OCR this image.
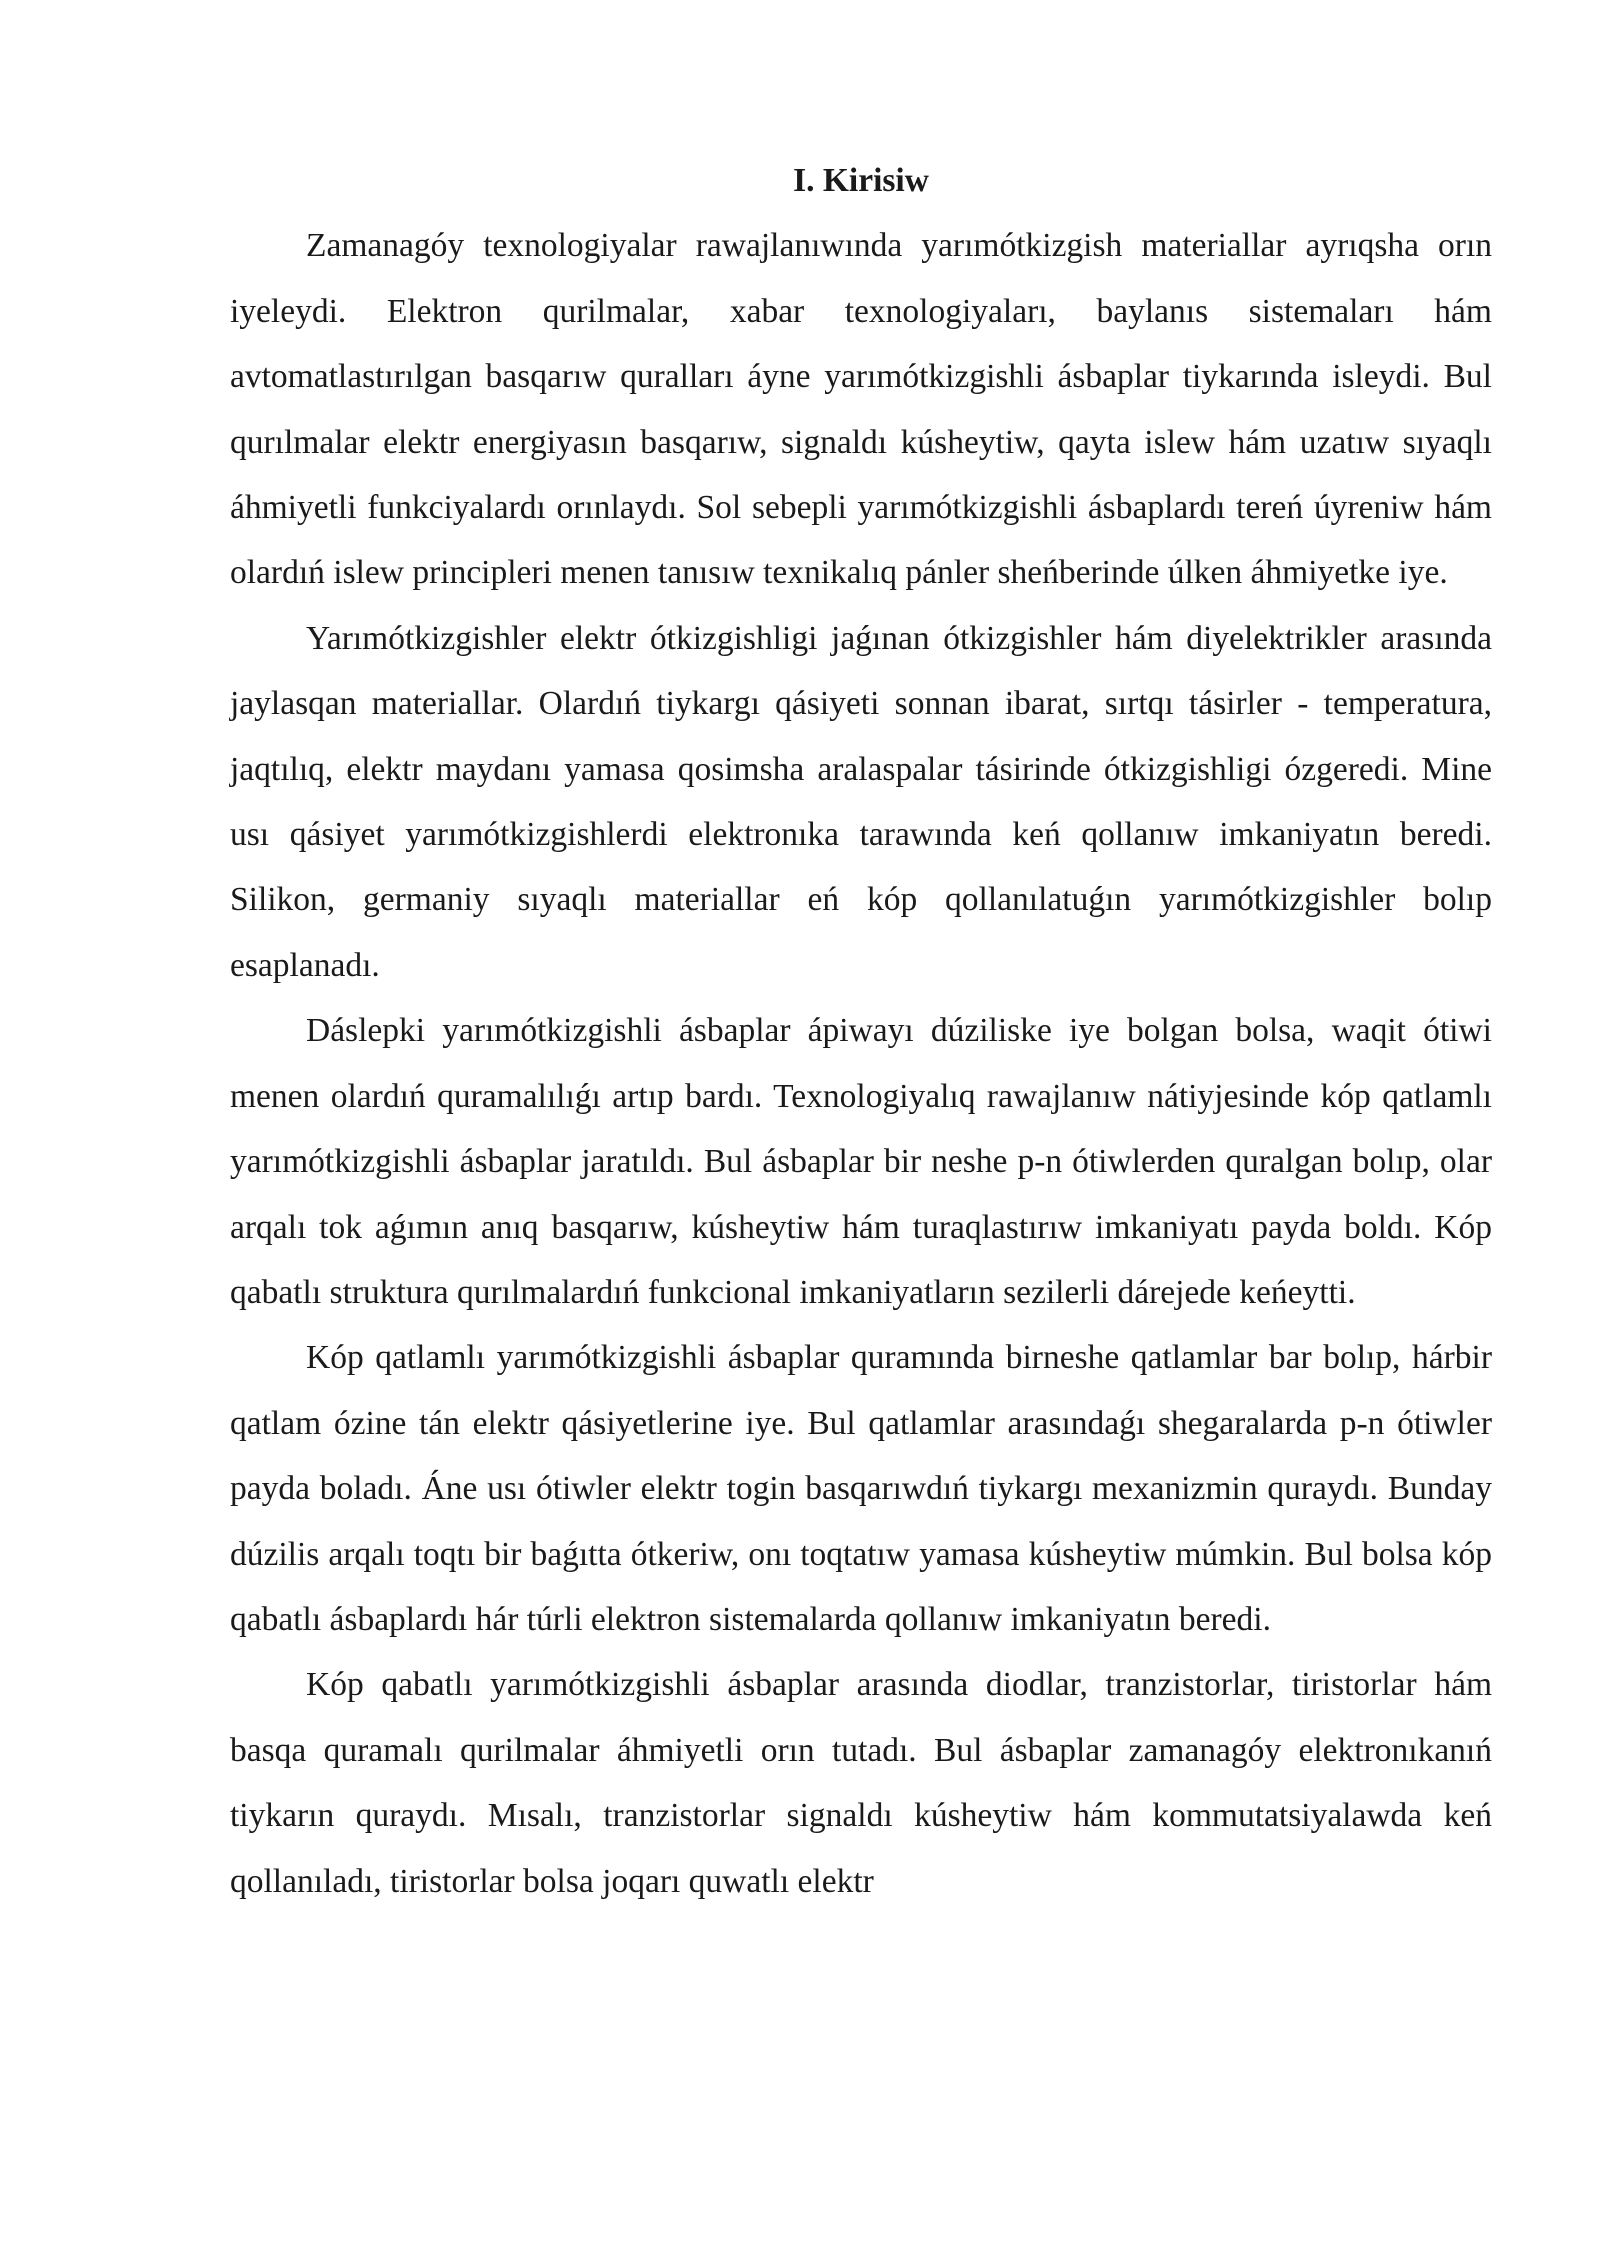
I. Kirisiw

Zamanagóy texnologiyalar rawajlanıwında yarımótkizgish materiallar ayrıqsha orın iyeleydi. Elektron qurilmalar, xabar texnologiyaları, baylanıs sistemaları hám avtomatlastırılgan basqarıw quralları áyne yarımótkizgishli ásbaplar tiykarında isleydi. Bul qurılmalar elektr energiyasın basqarıw, signaldı kúsheytiw, qayta islew hám uzatıw sıyaqlı áhmiyetli funkciyalardı orınlaydı. Sol sebepli yarımótkizgishli ásbaplardı tereń úyreniw hám olardıń islew principleri menen tanısıw texnikalıq pánler sheńberinde úlken áhmiyetke iye.

Yarımótkizgishler elektr ótkizgishligi jaǵınan ótkizgishler hám diyelektrikler arasında jaylasqan materiallar. Olardıń tiykargı qásiyeti sonnan ibarat, sırtqı tásirler - temperatura, jaqtılıq, elektr maydanı yamasa qosimsha aralaspalar tásirinde ótkizgishligi ózgeredi. Mine usı qásiyet yarımótkizgishlerdi elektronıka tarawında keń qollanıw imkaniyatın beredi. Silikon, germaniy sıyaqlı materiallar eń kóp qollanılatuǵın yarımótkizgishler bolıp esaplanadı.

Dáslepki yarımótkizgishli ásbaplar ápiwayı dúziliske iye bolgan bolsa, waqit ótiwi menen olardıń quramalılıǵı artıp bardı. Texnologiyalıq rawajlanıw nátiyjesinde kóp qatlamlı yarımótkizgishli ásbaplar jaratıldı. Bul ásbaplar bir neshe p-n ótiwlerden quralgan bolıp, olar arqalı tok aǵımın anıq basqarıw, kúsheytiw hám turaqlastırıw imkaniyatı payda boldı. Kóp qabatlı struktura qurılmalardıń funkcional imkaniyatların sezilerli dárejede keńeytti.

Kóp qatlamlı yarımótkizgishli ásbaplar quramında birneshe qatlamlar bar bolıp, hárbir qatlam ózine tán elektr qásiyetlerine iye. Bul qatlamlar arasındaǵı shegaralarda p-n ótiwler payda boladı. Áne usı ótiwler elektr togin basqarıwdıń tiykargı mexanizmin quraydı. Bunday dúzilis arqalı toqtı bir baǵıtta ótkeriw, onı toqtatıw yamasa kúsheytiw múmkin. Bul bolsa kóp qabatlı ásbaplardı hár túrli elektron sistemalarda qollanıw imkaniyatın beredi.

Kóp qabatlı yarımótkizgishli ásbaplar arasında diodlar, tranzistorlar, tiristorlar hám basqa quramalı qurilmalar áhmiyetli orın tutadı. Bul ásbaplar zamanagóy elektronıkanıń tiykarın quraydı. Mısalı, tranzistorlar signaldı kúsheytiw hám kommutatsiyalawda keń qollanıladı, tiristorlar bolsa joqarı quwatlı elektr
